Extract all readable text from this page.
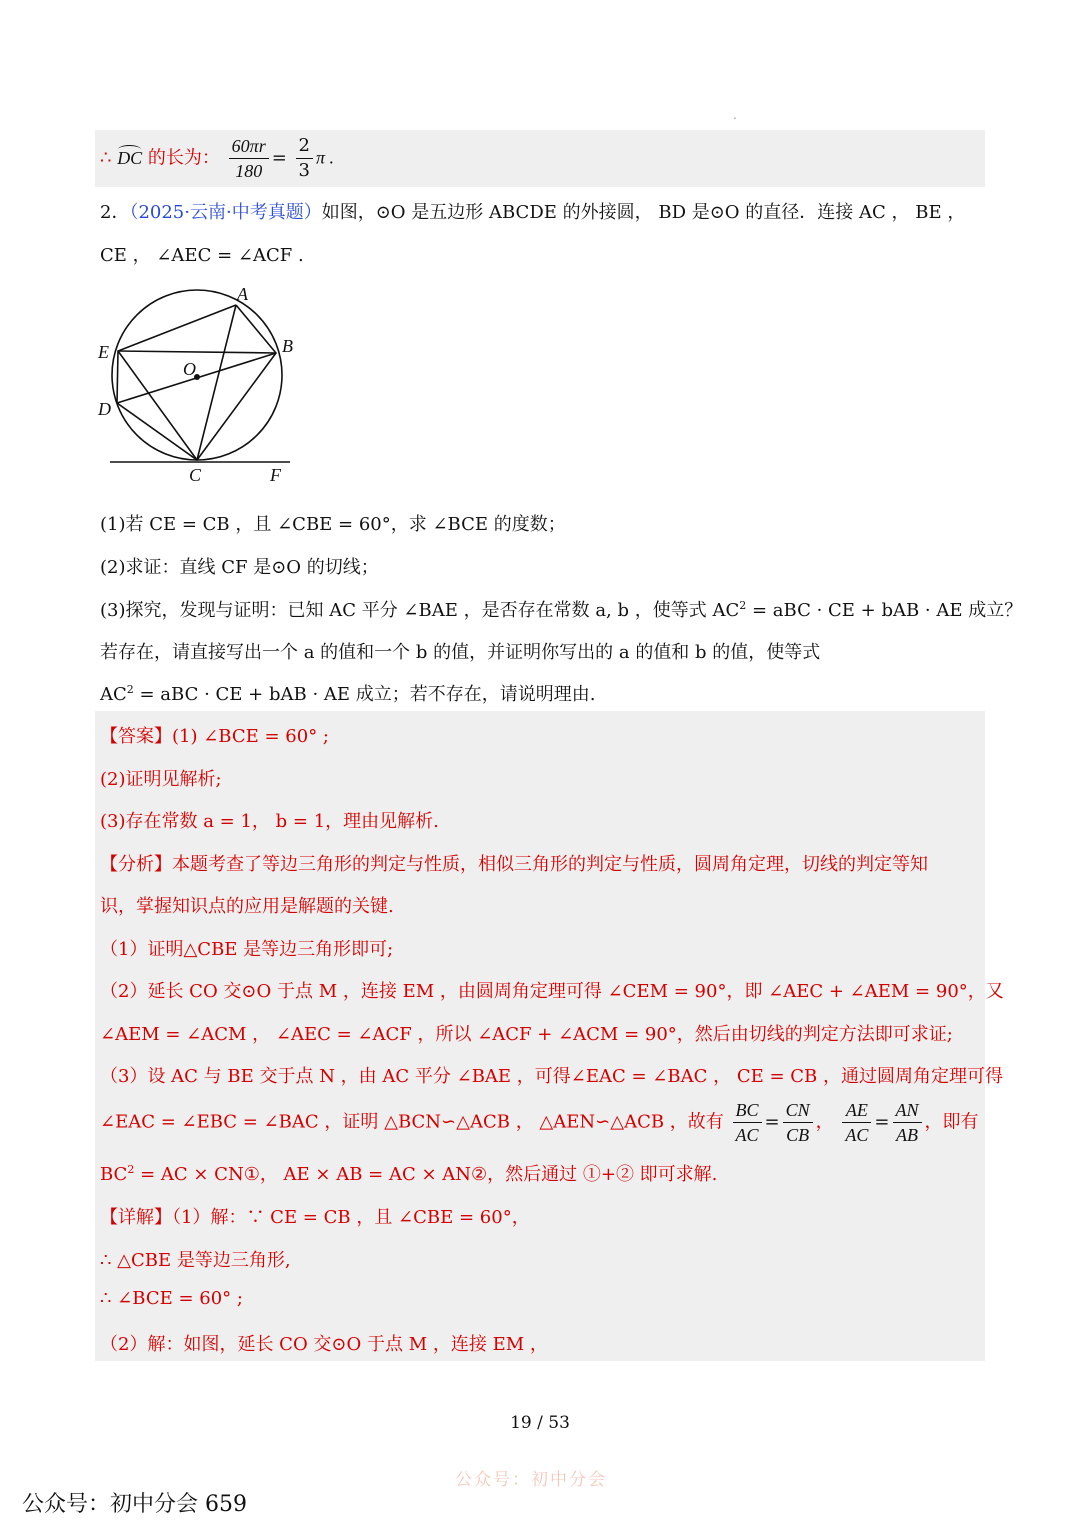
.
∴ DC 的长为： $\frac{60\pi r}{180} = \frac{2}{3}$ π .
2．（2025·云南·中考真题）如图，⊙O 是五边形 ABCDE 的外接圆， BD 是⊙O 的直径．连接 AC ， BE ，
CE ， ∠AEC = ∠ACF .
A
B
E
O
D
C	F
(1)若 CE = CB ，且 ∠CBE = 60°，求 ∠BCE 的度数；
(2)求证：直线 CF 是⊙O 的切线；
(3)探究，发现与证明：已知 AC 平分 ∠BAE ，是否存在常数 a, b ，使等式 $AC^2$ = aBC · CE + bAB · AE 成立？
若存在，请直接写出一个 a 的值和一个 b 的值，并证明你写出的 a 的值和 b 的值，使等式
$AC^2$ = aBC · CE + bAB · AE 成立；若不存在，请说明理由.
【答案】(1) ∠BCE = 60° ;
(2)证明见解析;
(3)存在常数 a = 1， b = 1，理由见解析.
【分析】本题考查了等边三角形的判定与性质，相似三角形的判定与性质，圆周角定理，切线的判定等知
识，掌握知识点的应用是解题的关键.
（1）证明△CBE 是等边三角形即可;
（2）延长 CO 交⊙O 于点 M ，连接 EM ，由圆周角定理可得 ∠CEM = 90°，即 ∠AEC + ∠AEM = 90°，又
∠AEM = ∠ACM ， ∠AEC = ∠ACF ，所以 ∠ACF + ∠ACM = 90°，然后由切线的判定方法即可求证;
（3）设 AC 与 BE 交于点 N ，由 AC 平分 ∠BAE ，可得∠EAC = ∠BAC ， CE = CB ，通过圆周角定理可得
∠EAC = ∠EBC = ∠BAC ，证明 △BCN∽△ACB ， △AEN∽△ACB ，故有 $\frac{BC}{AC} = \frac{CN}{CB}$ ， $\frac{AE}{AC} = \frac{AN}{AB}$ ，即有
$BC^2$ = AC × CN①， AE × AB = AC × AN②，然后通过 ①+② 即可求解.
【详解】（1）解：∵ CE = CB ，且 ∠CBE = 60°，
∴ △CBE 是等边三角形,
∴ ∠BCE = 60° ;
（2）解：如图，延长 CO 交⊙O 于点 M ，连接 EM ，
19 / 53
公众号：初中分会
公众号：初中分会 659
